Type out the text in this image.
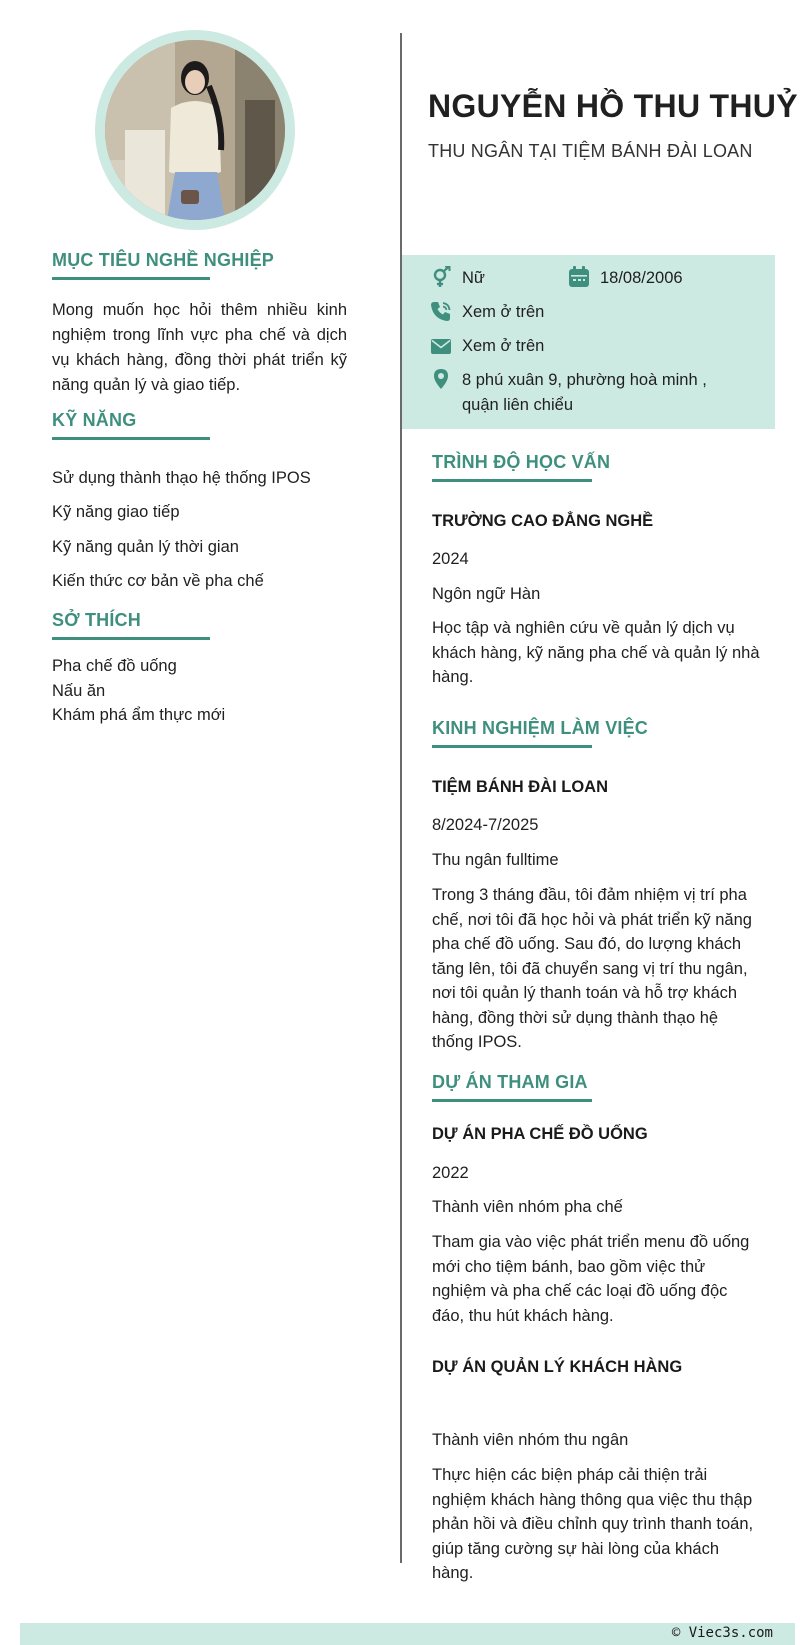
MỤC TIÊU NGHỀ NGHIỆP
Mong muốn học hỏi thêm nhiều kinh nghiệm trong lĩnh vực pha chế và dịch vụ khách hàng, đồng thời phát triển kỹ năng quản lý và giao tiếp.
KỸ NĂNG
Sử dụng thành thạo hệ thống IPOS
Kỹ năng giao tiếp
Kỹ năng quản lý thời gian
Kiến thức cơ bản về pha chế
SỞ THÍCH
Pha chế đồ uống
Nấu ăn
Khám phá ẩm thực mới
NGUYỄN HỒ THU THUỶ
THU NGÂN TẠI TIỆM BÁNH ĐÀI LOAN
Nữ	18/08/2006
Xem ở trên
Xem ở trên
8 phú xuân 9, phường hoà minh ,
quận liên chiểu
TRÌNH ĐỘ HỌC VẤN
TRƯỜNG CAO ĐẲNG NGHỀ
2024
Ngôn ngữ Hàn
Học tập và nghiên cứu về quản lý dịch vụ khách hàng, kỹ năng pha chế và quản lý nhà hàng.
KINH NGHIỆM LÀM VIỆC
TIỆM BÁNH ĐÀI LOAN
8/2024-7/2025
Thu ngân fulltime
Trong 3 tháng đầu, tôi đảm nhiệm vị trí pha chế, nơi tôi đã học hỏi và phát triển kỹ năng pha chế đồ uống. Sau đó, do lượng khách tăng lên, tôi đã chuyển sang vị trí thu ngân, nơi tôi quản lý thanh toán và hỗ trợ khách hàng, đồng thời sử dụng thành thạo hệ thống IPOS.
DỰ ÁN THAM GIA
DỰ ÁN PHA CHẾ ĐỒ UỐNG
2022
Thành viên nhóm pha chế
Tham gia vào việc phát triển menu đồ uống mới cho tiệm bánh, bao gồm việc thử nghiệm và pha chế các loại đồ uống độc đáo, thu hút khách hàng.
DỰ ÁN QUẢN LÝ KHÁCH HÀNG
Thành viên nhóm thu ngân
Thực hiện các biện pháp cải thiện trải nghiệm khách hàng thông qua việc thu thập phản hồi và điều chỉnh quy trình thanh toán, giúp tăng cường sự hài lòng của khách hàng.
© Viec3s.com
